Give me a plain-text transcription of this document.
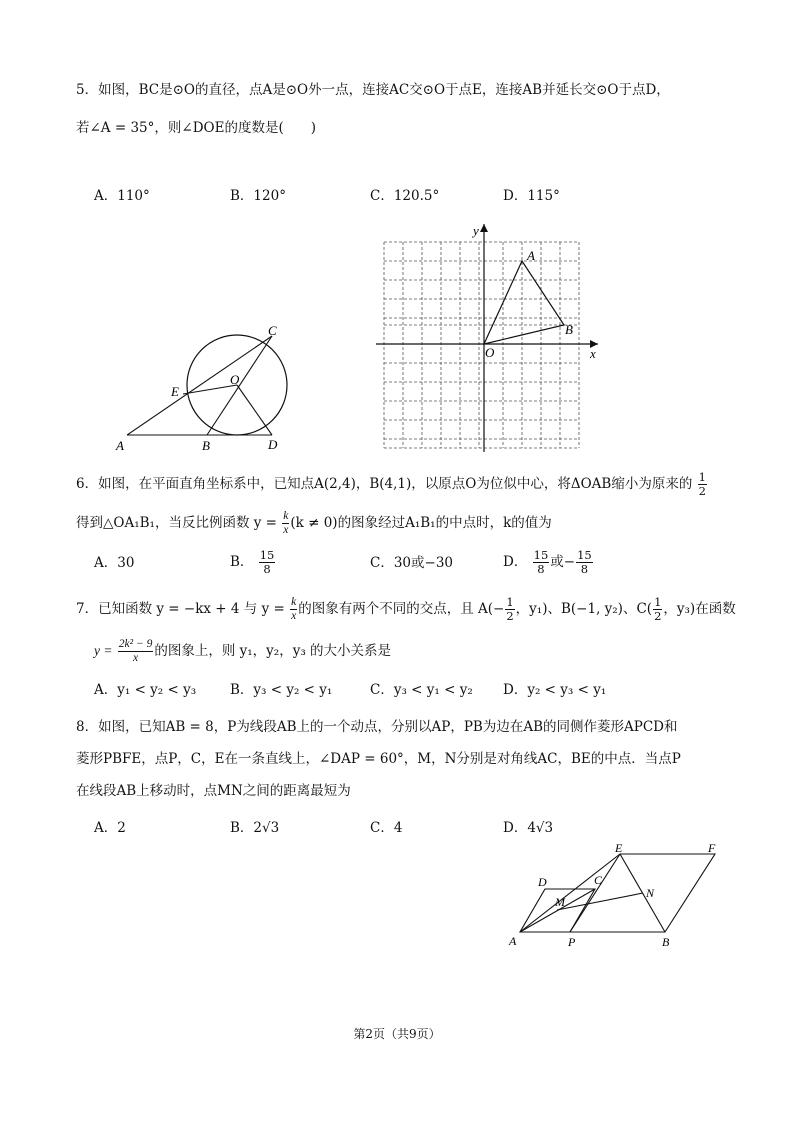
5．如图，BC是⊙O的直径，点A是⊙O外一点，连接AC交⊙O于点E，连接AB并延长交⊙O于点D，
若∠A = 35°，则∠DOE的度数是(　　)
A．110°	B．120°	C．120.5°	D．115°
C
E
O
A	B	D
y
x
O
A
B
6．如图，在平面直角坐标系中，已知点A(2,4)，B(4,1)，以原点O为位似中心，将ΔOAB缩小为原来的 $\frac{1}{2}$
得到△OA₁B₁，当反比例函数 $y = \frac{k}{x} (k \ne 0)$的图象经过A₁B₁的中点时，k的值为
A．30	B． $\frac{15}{8}$	C．30或−30	D． $\frac{15}{8}$ 或− $\frac{15}{8}$
7．已知函数 y = −kx + 4 与 $y = \frac{k}{x}$ 的图象有两个不同的交点，且 $A(- \frac{1}{2}$ ，y₁)、B(−1, y₂)、$C( \frac{1}{2}$ ，y₃)在函数
$y = \frac{\text{2k² − 9}}{x}$ 的图象上，则 y₁，y₂，y₃ 的大小关系是
A．y₁ < y₂ < y₃	B．y₃ < y₂ < y₁	C．y₃ < y₁ < y₂ D．y₂ < y₃ < y₁
8．如图，已知AB = 8，P为线段AB上的一个动点，分别以AP，PB为边在AB的同侧作菱形APCD和
菱形PBFE，点P，C，E在一条直线上，∠DAP = 60°，M，N分别是对角线AC，BE的中点．当点P
在线段AB上移动时，点MN之间的距离最短为
A．2	B．2√3	C．4	D．4√3
E	F
D	C
M
N
A	P	B
第2页（共9页）
